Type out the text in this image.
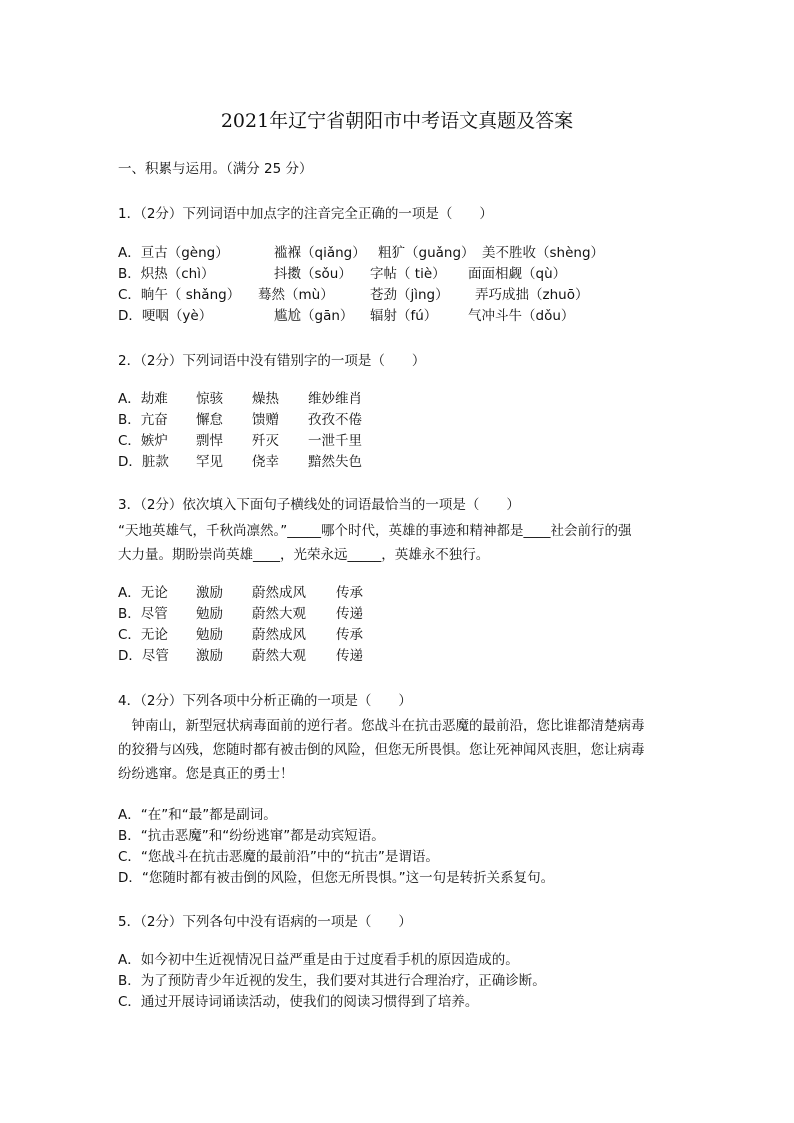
2021年辽宁省朝阳市中考语文真题及答案
一、积累与运用。（满分 25 分）
1．（2分）下列词语中加点字的注音完全正确的一项是（　　）
A．亘古（gèng）	褴褓（qiǎng） 粗犷（guǎng） 美不胜收（shèng）
B．炽热（chì）	抖擞（sǒu） 字帖（ tiè） 面面相觑（qù）
C．晌午（ shǎng） 蓦然（mù）	苍劲（jìng） 弄巧成拙（zhuō）
D．哽咽（yè）	尴尬（gān） 辐射（fú） 气冲斗牛（dǒu）
2．（2分）下列词语中没有错别字的一项是（　　）
A．劫难 惊骇 燥热 维妙维肖
B．亢奋 懈怠 馈赠 孜孜不倦
C．嫉炉 剽悍 歼灭 一泄千里
D．脏款 罕见 侥幸 黯然失色
3．（2分）依次填入下面句子横线处的词语最恰当的一项是（　　）
“天地英雄气，千秋尚凛然。”_____哪个时代，英雄的事迹和精神都是____社会前行的强
大力量。期盼崇尚英雄____，光荣永远_____，英雄永不独行。
A．无论 激励 蔚然成风 传承
B．尽管 勉励 蔚然大观 传递
C．无论 勉励 蔚然成风 传承
D．尽管 激励 蔚然大观 传递
4．（2分）下列各项中分析正确的一项是（　　）
　钟南山，新型冠状病毒面前的逆行者。您战斗在抗击恶魔的最前沿，您比谁都清楚病毒
的狡猾与凶残，您随时都有被击倒的风险，但您无所畏惧。您让死神闻风丧胆，您让病毒
纷纷逃窜。您是真正的勇士！
A．“在”和“最”都是副词。
B．“抗击恶魔”和“纷纷逃窜”都是动宾短语。
C．“您战斗在抗击恶魔的最前沿”中的“抗击”是谓语。
D．“您随时都有被击倒的风险，但您无所畏惧。”这一句是转折关系复句。
5．（2分）下列各句中没有语病的一项是（　　）
A．如今初中生近视情况日益严重是由于过度看手机的原因造成的。
B．为了预防青少年近视的发生，我们要对其进行合理治疗，正确诊断。
C．通过开展诗词诵读活动，使我们的阅读习惯得到了培养。
